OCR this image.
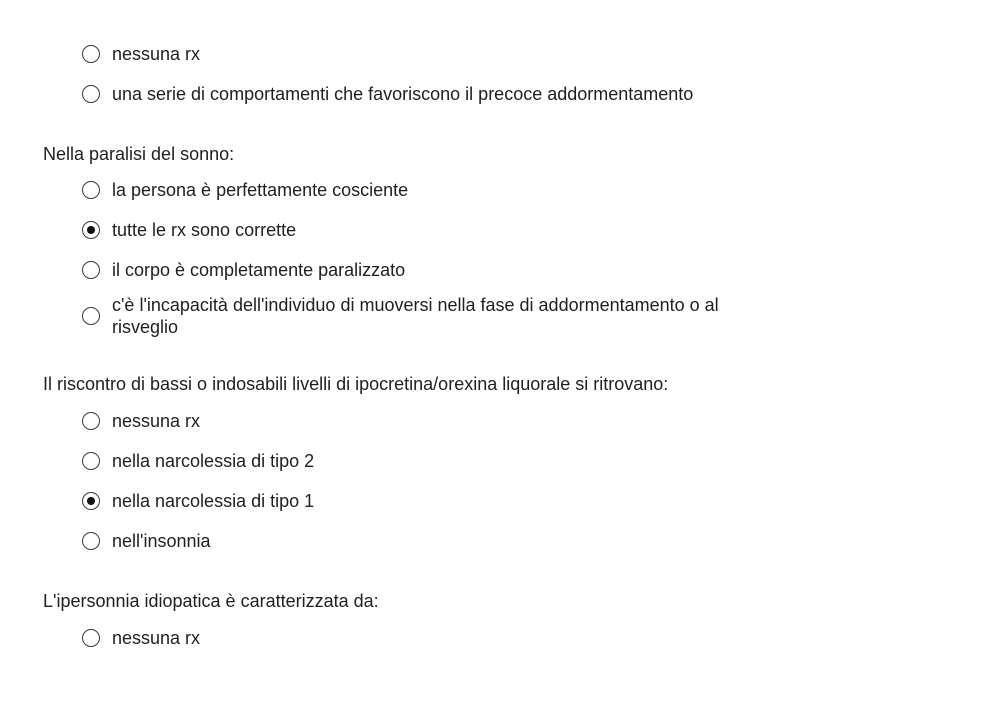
nessuna rx
una serie di comportamenti che favoriscono il precoce addormentamento
Nella paralisi del sonno:
la persona è perfettamente cosciente
tutte le rx sono corrette
il corpo è completamente paralizzato
c'è l'incapacità dell'individuo di muoversi nella fase di addormentamento o al risveglio
Il riscontro di bassi o indosabili livelli di ipocretina/orexina liquorale si ritrovano:
nessuna rx
nella narcolessia di tipo 2
nella narcolessia di tipo 1
nell'insonnia
L'ipersonnia idiopatica è caratterizzata da:
nessuna rx
